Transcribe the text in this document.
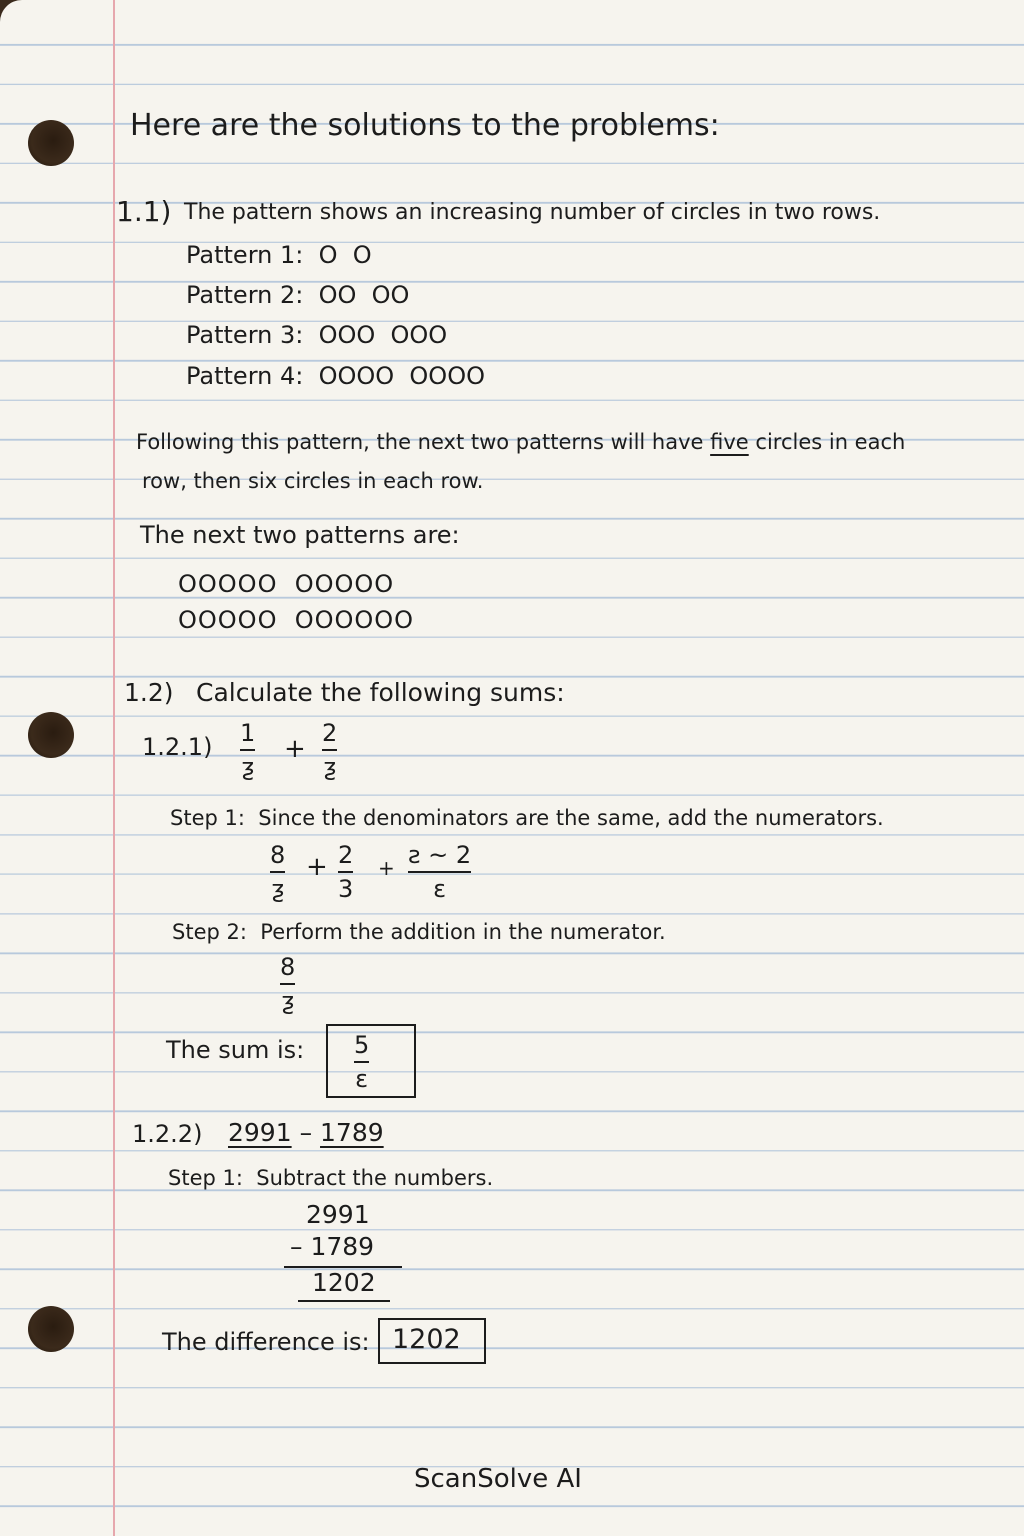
Here are the solutions to the problems:
1.1) The pattern shows an increasing number of circles in two rows.
Pattern 1:  O  O
Pattern 2:  OO  OO
Pattern 3:  OOO  OOO
Pattern 4:  OOOO  OOOO
Following this pattern, the next two patterns will have five circles in each
row, then six circles in each row.
The next two patterns are:
OOOOO  OOOOO
OOOOO  OOOOOO
1.2) Calculate the following sums:
1.2.1) 1
ƺ
+
2
ƺ
Step 1:  Since the denominators are the same, add the numerators.
8
ƺ
+ 2
3
+ ƨ ~ 2
ɛ
Step 2:  Perform the addition in the numerator.
8
ƺ
The sum is: 5
ɛ
1.2.2) 2991 – 1789
Step 1:  Subtract the numbers.
2991
– 1789
1202
The difference is: 1202
ScanSolve AI
